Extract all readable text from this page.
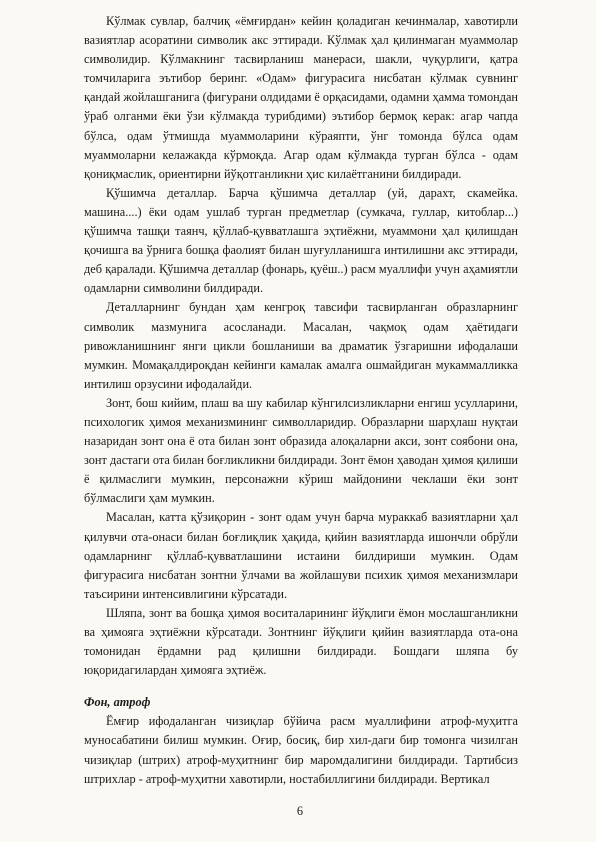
Кўлмак сувлар, балчиқ «ёмғирдан» кейин қоладиган кечинмалар, хавотирли вазиятлар асоратини символик акс эттиради. Кўлмак ҳал қилинмаган муаммолар символидир. Кўлмакнинг тасвирланиш манераси, шакли, чуқурлиги, қатра томчиларига эътибор беринг. «Одам» фигурасига нисбатан кўлмак сувнинг қандай жойлашганига (фигурани олдидами ё орқасидами, одамни ҳамма томондан ўраб олганми ёки ўзи кўлмакда турибдими) эътибор бермоқ керак: агар чапда бўлса, одам ўтмишда муаммоларини кўраяпти, ўнг томонда бўлса одам муаммоларни келажакда кўрмоқда. Агар одам кўлмакда турган бўлса - одам қониқмаслик, ориентирни йўқотганликни ҳис килаётганини билдиради.

Қўшимча деталлар. Барча қўшимча деталлар (уй, дарахт, скамейка. машина....) ёки одам ушлаб турган предметлар (сумкача, гуллар, китоблар...) қўшимча ташқи таянч, қўллаб-қувватлашга эҳтиёжни, муаммони ҳал қилишдан қочишга ва ўрнига бошқа фаолият билан шуғулланишга интилишни акс эттиради, деб қаралади. Қўшимча деталлар (фонарь, қуёш..) расм муаллифи учун аҳамиятли одамларни символини билдиради.

Деталларнинг бундан ҳам кенгроқ тавсифи тасвирланган образларнинг символик мазмунига асосланади. Масалан, чақмоқ одам ҳаётидаги ривожланишнинг янги цикли бошланиши ва драматик ўзгаришни ифодалаши мумкин. Момақалдироқдан кейинги камалак амалга ошмайдиган мукаммалликка интилиш орзусини ифодалайди.

Зонт, бош кийим, плаш ва шу кабилар кўнгилсизликларни енгиш усулларини, психологик ҳимоя механизмининг символларидир. Образларни шарҳлаш нуқтаи назаридан зонт она ё ота билан зонт образида алоқаларни акси, зонт соябони она, зонт дастаги ота билан боғликликни билдиради. Зонт ёмон ҳаводан ҳимоя қилиши ё қилмаслиги мумкин, персонажни кўриш майдонини чеклаши ёки зонт бўлмаслиги ҳам мумкин.

Масалан, катта қўзиқорин - зонт одам учун барча мураккаб вазиятларни ҳал қилувчи ота-онаси билан боғлиқлик ҳақида, қийин вазиятларда ишончли обрўли одамларнинг қўллаб-қувватлашини истаини билдириши мумкин. Одам фигурасига нисбатан зонтни ўлчами ва жойлашуви психик ҳимоя механизмлари таъсирини интенсивлигини кўрсатади.

Шляпа, зонт ва бошқа ҳимоя воситаларининг йўқлиги ёмон мослашганликни ва ҳимояга эҳтиёжни кўрсатади. Зонтнинг йўқлиги қийин вазиятларда ота-она томонидан ёрдамни рад қилишни билдиради. Бошдаги шляпа бу юқоридагилардан ҳимояга эҳтиёж.

Фон, атроф

Ёмғир ифодаланган чизиқлар бўйича расм муаллифини атроф-муҳитга муносабатини билиш мумкин. Оғир, босиқ, бир хил-даги бир томонга чизилган чизиқлар (штрих) атроф-муҳитнинг бир маромдалигини билдиради. Тартибсиз штрихлар - атроф-муҳитни хавотирли, ностабиллигини билдиради. Вертикал

6
